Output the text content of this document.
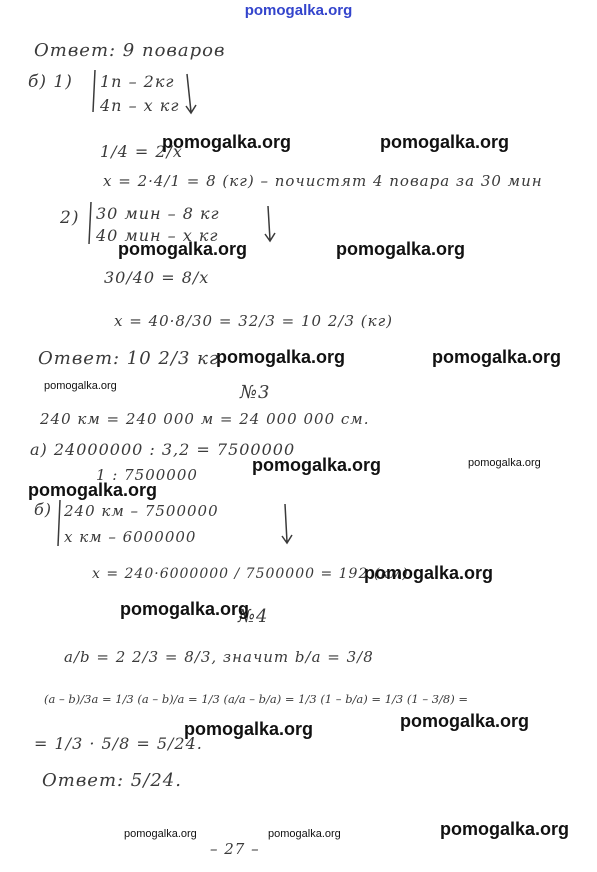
pomogalka.org
Ответ: 9 поваров
б) 1) 1п – 2кг
4п – х кг
1/4 = 2/x
x = 2·4/1 = 8 (кг) – почистят 4 повара за 30 мин
2) 30 мин – 8 кг
40 мин – х кг
30/40 = 8/x
x = 40·8/30 = 32/3 = 10 2/3 (кг)
Ответ: 10 2/3 кг
№3
240 км = 240 000 м = 24 000 000 см.
а) 24000000 : 3,2 = 7500000
1 : 7500000
б) 240 км – 7500000
х км – 6000000
x = 240·6000000 / 7500000 = 192 (км)
№4
a/b = 2 2/3 = 8/3, значит b/a = 3/8
(a – b)/3a = 1/3 (a – b)/a = 1/3 (a/a – b/a) = 1/3 (1 – b/a) = 1/3 (1 – 3/8) =
= 1/3 · 5/8 = 5/24.
Ответ: 5/24.
– 27 –
pomogalka.org	pomogalka.org
pomogalka.org	pomogalka.org
pomogalka.org	pomogalka.org
pomogalka.org
pomogalka.org	pomogalka.org
pomogalka.org
pomogalka.org
pomogalka.org
pomogalka.org
pomogalka.org
pomogalka.org	pomogalka.org	pomogalka.org
